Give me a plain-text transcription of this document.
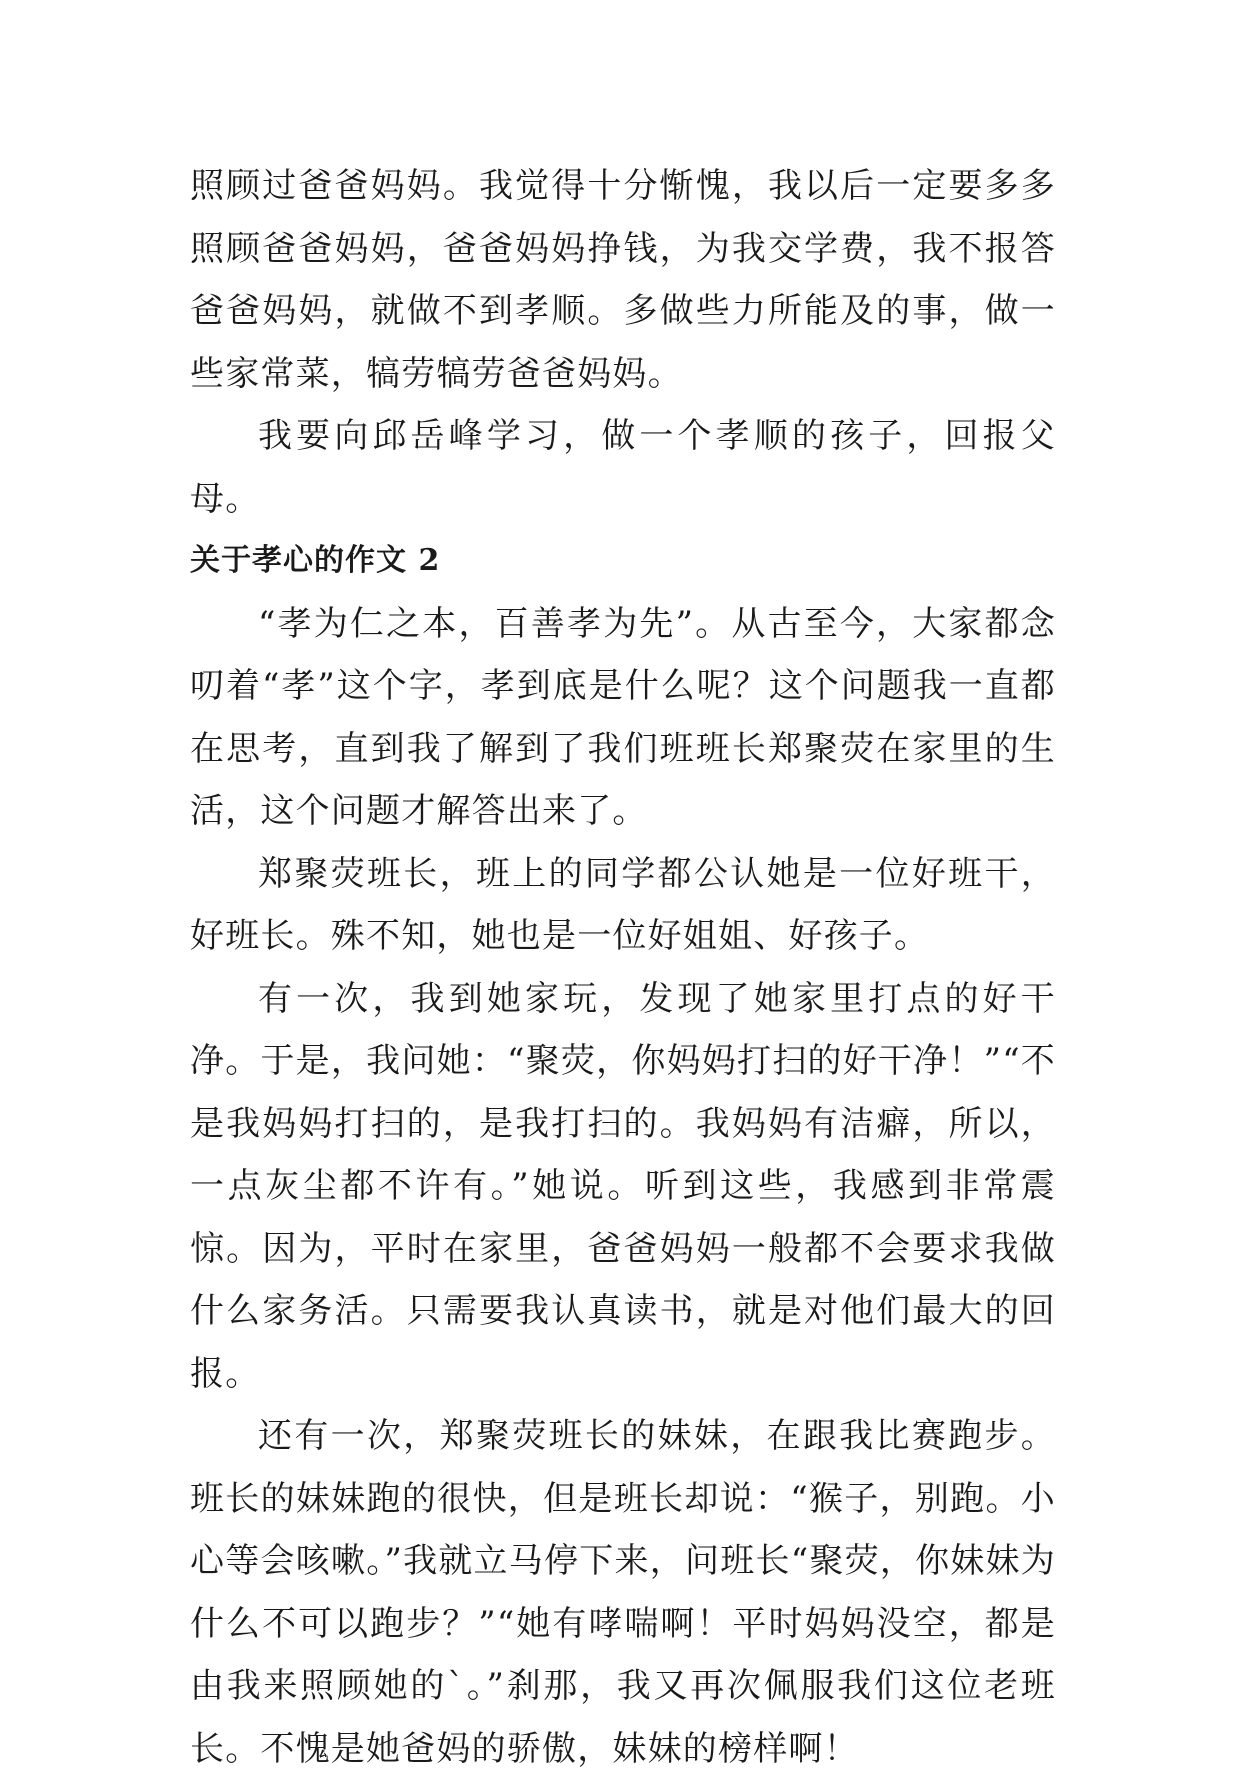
照顾过爸爸妈妈。我觉得十分惭愧，我以后一定要多多照顾爸爸妈妈，爸爸妈妈挣钱，为我交学费，我不报答爸爸妈妈，就做不到孝顺。多做些力所能及的事，做一些家常菜，犒劳犒劳爸爸妈妈。

我要向邱岳峰学习，做一个孝顺的孩子，回报父母。

关于孝心的作文 2

“孝为仁之本，百善孝为先”。从古至今，大家都念叨着“孝”这个字，孝到底是什么呢？这个问题我一直都在思考，直到我了解到了我们班班长郑聚荧在家里的生活，这个问题才解答出来了。

郑聚荧班长，班上的同学都公认她是一位好班干，好班长。殊不知，她也是一位好姐姐、好孩子。

有一次，我到她家玩，发现了她家里打点的好干净。于是，我问她：“聚荧，你妈妈打扫的好干净！”“不是我妈妈打扫的，是我打扫的。我妈妈有洁癖，所以，一点灰尘都不许有。”她说。听到这些，我感到非常震惊。因为，平时在家里，爸爸妈妈一般都不会要求我做什么家务活。只需要我认真读书，就是对他们最大的回报。

还有一次，郑聚荧班长的妹妹，在跟我比赛跑步。班长的妹妹跑的很快，但是班长却说：“猴子，别跑。小心等会咳嗽。”我就立马停下来，问班长“聚荧，你妹妹为什么不可以跑步？”“她有哮喘啊！平时妈妈没空，都是由我来照顾她的`。”刹那，我又再次佩服我们这位老班长。不愧是她爸妈的骄傲，妹妹的榜样啊！
